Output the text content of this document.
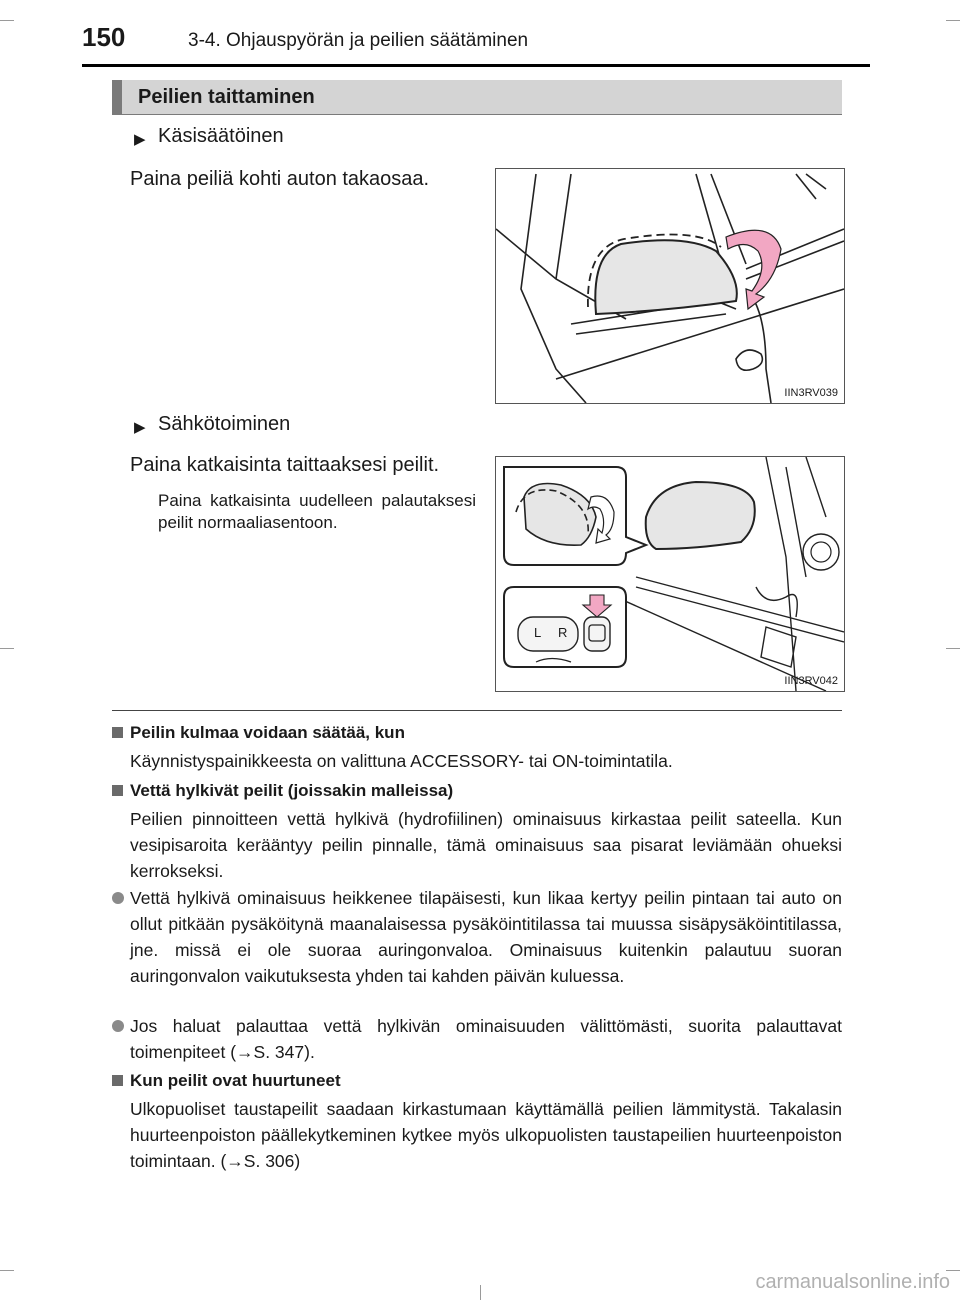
150	3-4. Ohjauspyörän ja peilien säätäminen
Peilien taittaminen
▶ Käsisäätöinen
Paina peiliä kohti auton takaosaa.
IIN3RV039
▶ Sähkötoiminen
Paina katkaisinta taittaaksesi peilit.
Paina katkaisinta uudelleen palautaksesi peilit normaaliasentoon.
L R
IIN3RV042
Peilin kulmaa voidaan säätää, kun
Käynnistyspainikkeesta on valittuna ACCESSORY- tai ON-toimintatila.
Vettä hylkivät peilit (joissakin malleissa)
Peilien pinnoitteen vettä hylkivä (hydrofiilinen) ominaisuus kirkastaa peilit sateella. Kun vesipisaroita kerääntyy peilin pinnalle, tämä ominaisuus saa pisarat leviämään ohueksi kerrokseksi.
Vettä hylkivä ominaisuus heikkenee tilapäisesti, kun likaa kertyy peilin pintaan tai auto on ollut pitkään pysäköitynä maanalaisessa pysäköintitilassa tai muussa sisäpysäköintitilassa, jne. missä ei ole suoraa auringonvaloa. Ominaisuus kuitenkin palautuu suoran auringonvalon vaikutuksesta yhden tai kahden päivän kuluessa.
Jos haluat palauttaa vettä hylkivän ominaisuuden välittömästi, suorita palauttavat toimenpiteet (→S. 347).
Kun peilit ovat huurtuneet
Ulkopuoliset taustapeilit saadaan kirkastumaan käyttämällä peilien lämmitystä. Takalasin huurteenpoiston päällekytkeminen kytkee myös ulkopuolisten taustapeilien huurteenpoiston toimintaan. (→S. 306)
carmanualsonline.info
